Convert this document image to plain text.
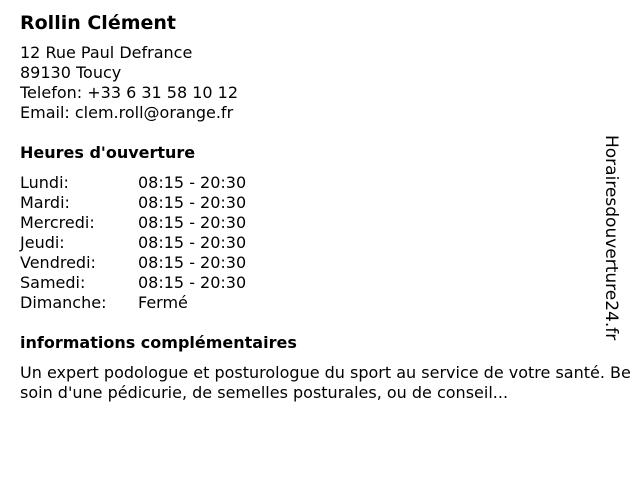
Rollin Clément
12 Rue Paul Defrance
89130 Toucy
Telefon: +33 6 31 58 10 12
Email: clem.roll@orange.fr
Heures d'ouverture
Lundi:	08:15 - 20:30
Mardi:	08:15 - 20:30
Mercredi:	08:15 - 20:30
Jeudi:	08:15 - 20:30
Vendredi:	08:15 - 20:30
Samedi:	08:15 - 20:30
Dimanche:	Fermé
informations complémentaires
Un expert podologue et posturologue du sport au service de votre santé. Besoin d'une pédicurie, de semelles posturales, ou de conseil...
Horairesdouverture24.fr
